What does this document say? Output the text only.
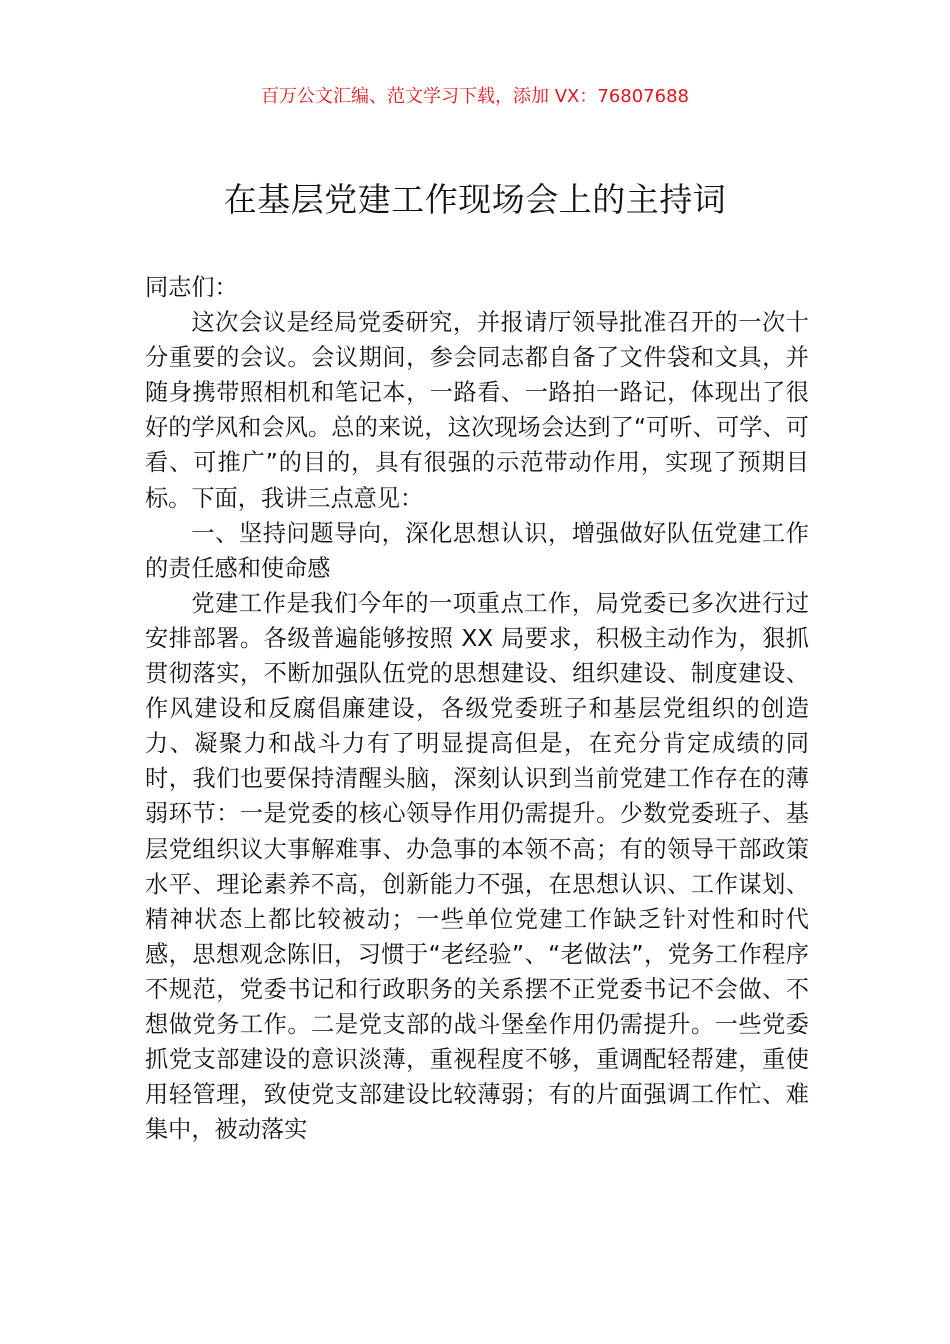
百万公文汇编、范文学习下载，添加 VX：76807688
在基层党建工作现场会上的主持词

同志们：

这次会议是经局党委研究，并报请厅领导批准召开的一次十分重要的会议。会议期间，参会同志都自备了文件袋和文具，并随身携带照相机和笔记本，一路看、一路拍一路记，体现出了很好的学风和会风。总的来说，这次现场会达到了“可听、可学、可看、可推广”的目的，具有很强的示范带动作用，实现了预期目标。下面，我讲三点意见：

一、坚持问题导向，深化思想认识，增强做好队伍党建工作的责任感和使命感

党建工作是我们今年的一项重点工作，局党委已多次进行过安排部署。各级普遍能够按照 XX 局要求，积极主动作为，狠抓贯彻落实，不断加强队伍党的思想建设、组织建设、制度建设、作风建设和反腐倡廉建设，各级党委班子和基层党组织的创造力、凝聚力和战斗力有了明显提高但是，在充分肯定成绩的同时，我们也要保持清醒头脑，深刻认识到当前党建工作存在的薄弱环节：一是党委的核心领导作用仍需提升。少数党委班子、基层党组织议大事解难事、办急事的本领不高；有的领导干部政策水平、理论素养不高，创新能力不强，在思想认识、工作谋划、精神状态上都比较被动；一些单位党建工作缺乏针对性和时代感，思想观念陈旧，习惯于“老经验”、“老做法”，党务工作程序不规范，党委书记和行政职务的关系摆不正党委书记不会做、不想做党务工作。二是党支部的战斗堡垒作用仍需提升。一些党委抓党支部建设的意识淡薄，重视程度不够，重调配轻帮建，重使用轻管理，致使党支部建设比较薄弱；有的片面强调工作忙、难集中，被动落实
